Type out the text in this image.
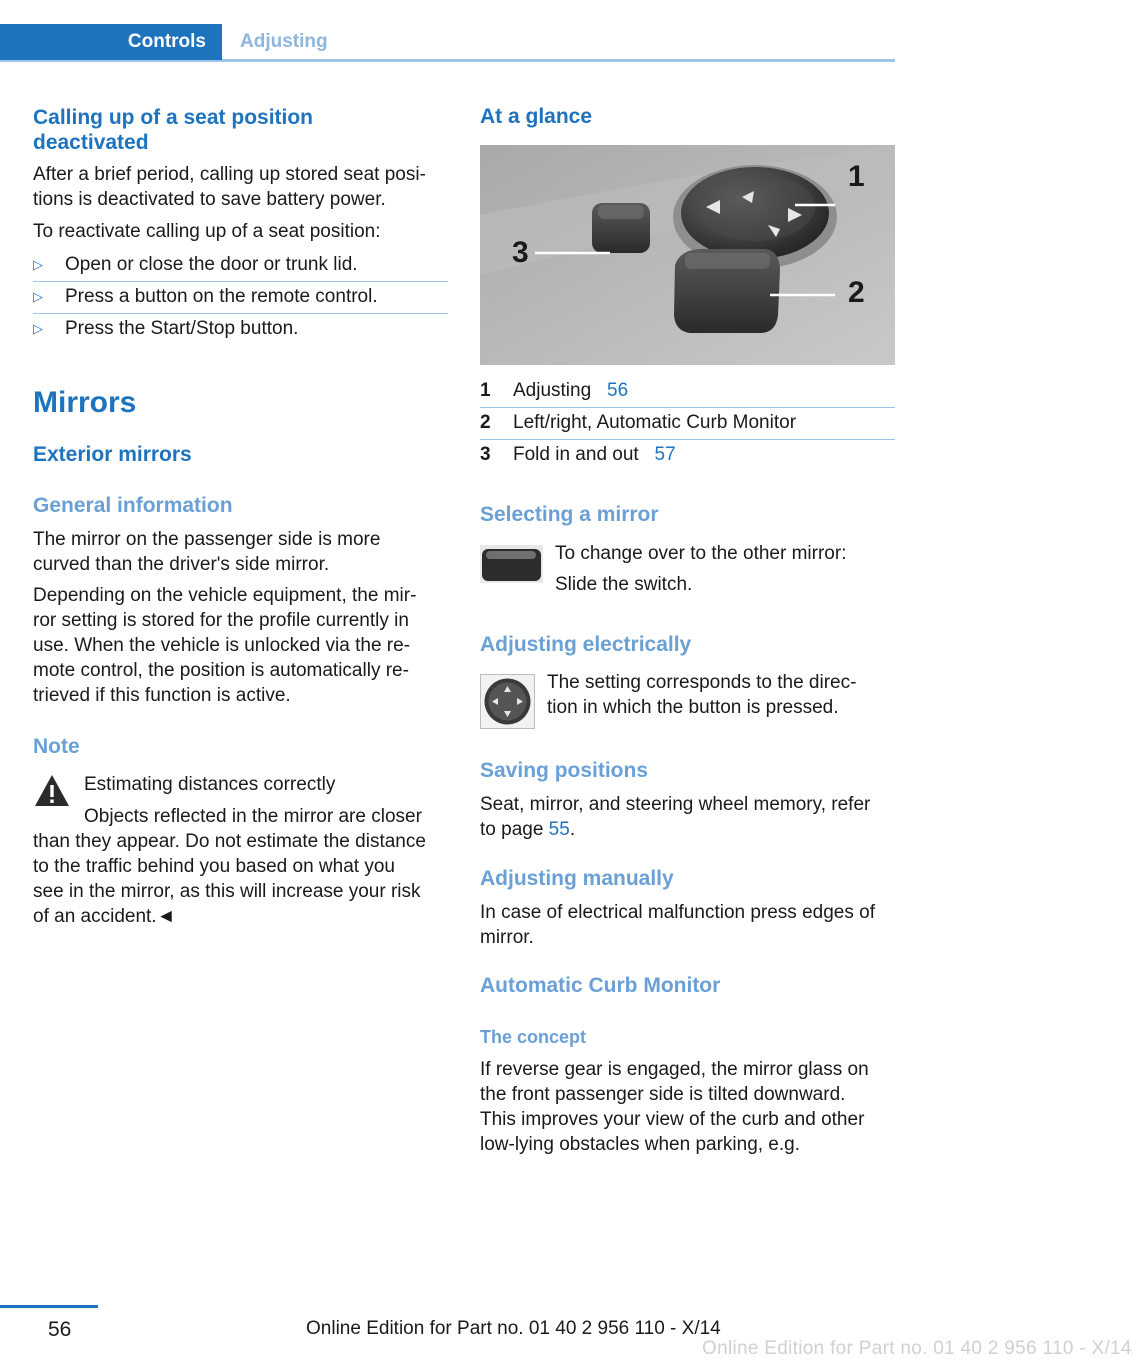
Controls	Adjusting
Calling up of a seat position deactivated
After a brief period, calling up stored seat posi-
tions is deactivated to save battery power.
To reactivate calling up of a seat position:
▷ Open or close the door or trunk lid.
▷ Press a button on the remote control.
▷ Press the Start/Stop button.
Mirrors
Exterior mirrors
General information
The mirror on the passenger side is more
curved than the driver's side mirror.
Depending on the vehicle equipment, the mir-
ror setting is stored for the profile currently in
use. When the vehicle is unlocked via the re-
mote control, the position is automatically re-
trieved if this function is active.
Note
Estimating distances correctly
Objects reflected in the mirror are closer
than they appear. Do not estimate the distance
to the traffic behind you based on what you
see in the mirror, as this will increase your risk
of an accident.◄
At a glance
1
2
3
1 Adjusting 56
2 Left/right, Automatic Curb Monitor
3 Fold in and out 57
Selecting a mirror
To change over to the other mirror:
Slide the switch.
Adjusting electrically
The setting corresponds to the direc-
tion in which the button is pressed.
Saving positions
Seat, mirror, and steering wheel memory, refer
to page 55.
Adjusting manually
In case of electrical malfunction press edges of
mirror.
Automatic Curb Monitor
The concept
If reverse gear is engaged, the mirror glass on
the front passenger side is tilted downward.
This improves your view of the curb and other
low-lying obstacles when parking, e.g.
56	Online Edition for Part no. 01 40 2 956 110 - X/14
Online Edition for Part no. 01 40 2 956 110 - X/14
